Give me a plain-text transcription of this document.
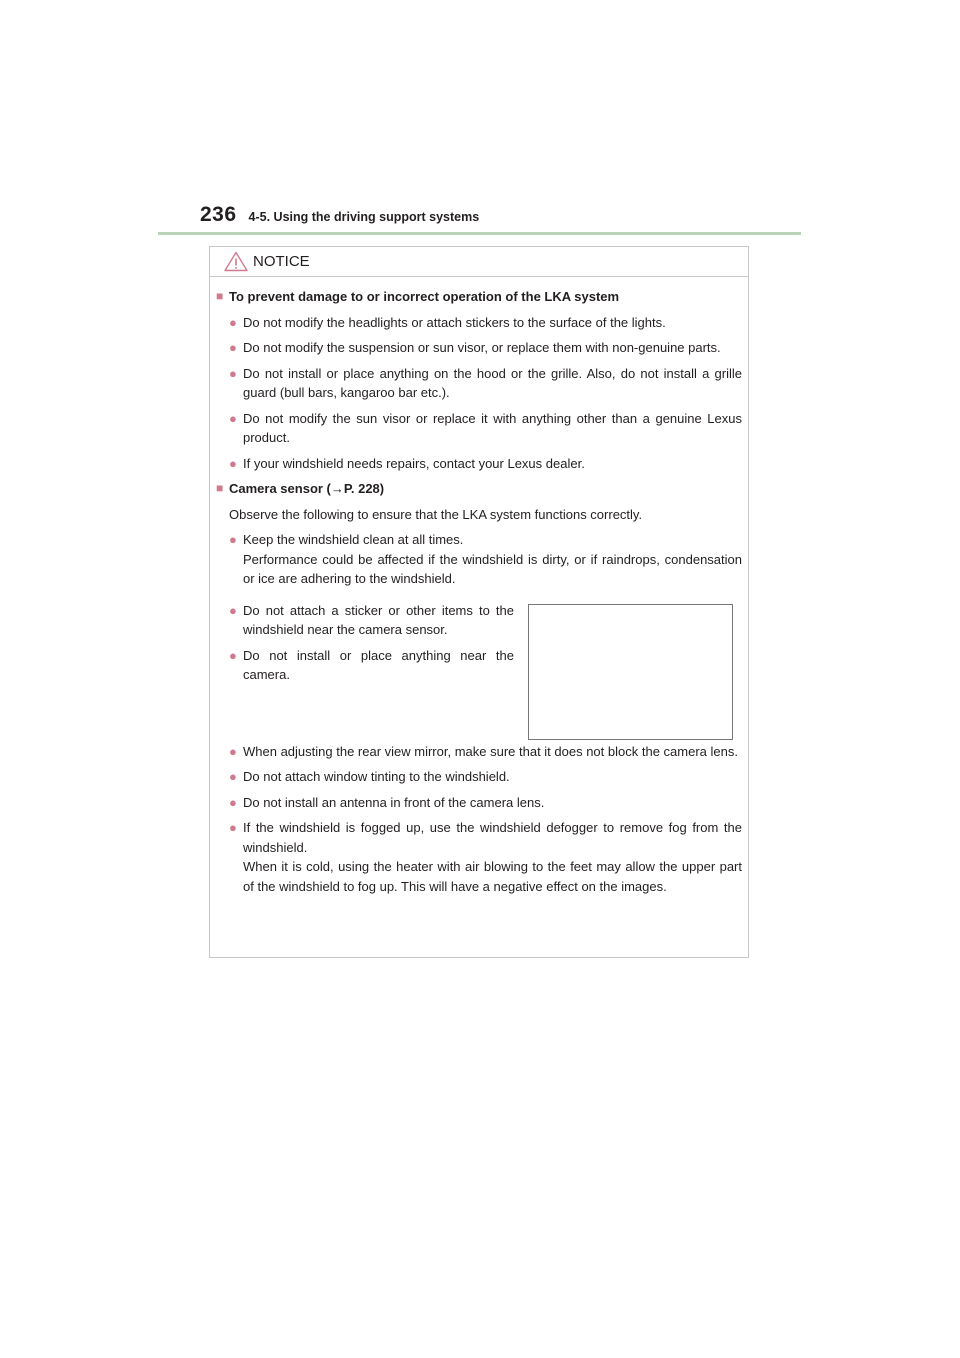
236 4-5. Using the driving support systems
NOTICE
■ To prevent damage to or incorrect operation of the LKA system
● Do not modify the headlights or attach stickers to the surface of the lights.
● Do not modify the suspension or sun visor, or replace them with non-genuine parts.
● Do not install or place anything on the hood or the grille. Also, do not install a grille guard (bull bars, kangaroo bar etc.).
● Do not modify the sun visor or replace it with anything other than a genuine Lexus product.
● If your windshield needs repairs, contact your Lexus dealer.
■ Camera sensor (→P. 228)
Observe the following to ensure that the LKA system functions correctly.
● Keep the windshield clean at all times.
Performance could be affected if the windshield is dirty, or if raindrops, condensation or ice are adhering to the windshield.
● Do not attach a sticker or other items to the windshield near the camera sensor.
● Do not install or place anything near the camera.
● When adjusting the rear view mirror, make sure that it does not block the camera lens.
● Do not attach window tinting to the windshield.
● Do not install an antenna in front of the camera lens.
● If the windshield is fogged up, use the windshield defogger to remove fog from the windshield.
When it is cold, using the heater with air blowing to the feet may allow the upper part of the windshield to fog up. This will have a negative effect on the images.
